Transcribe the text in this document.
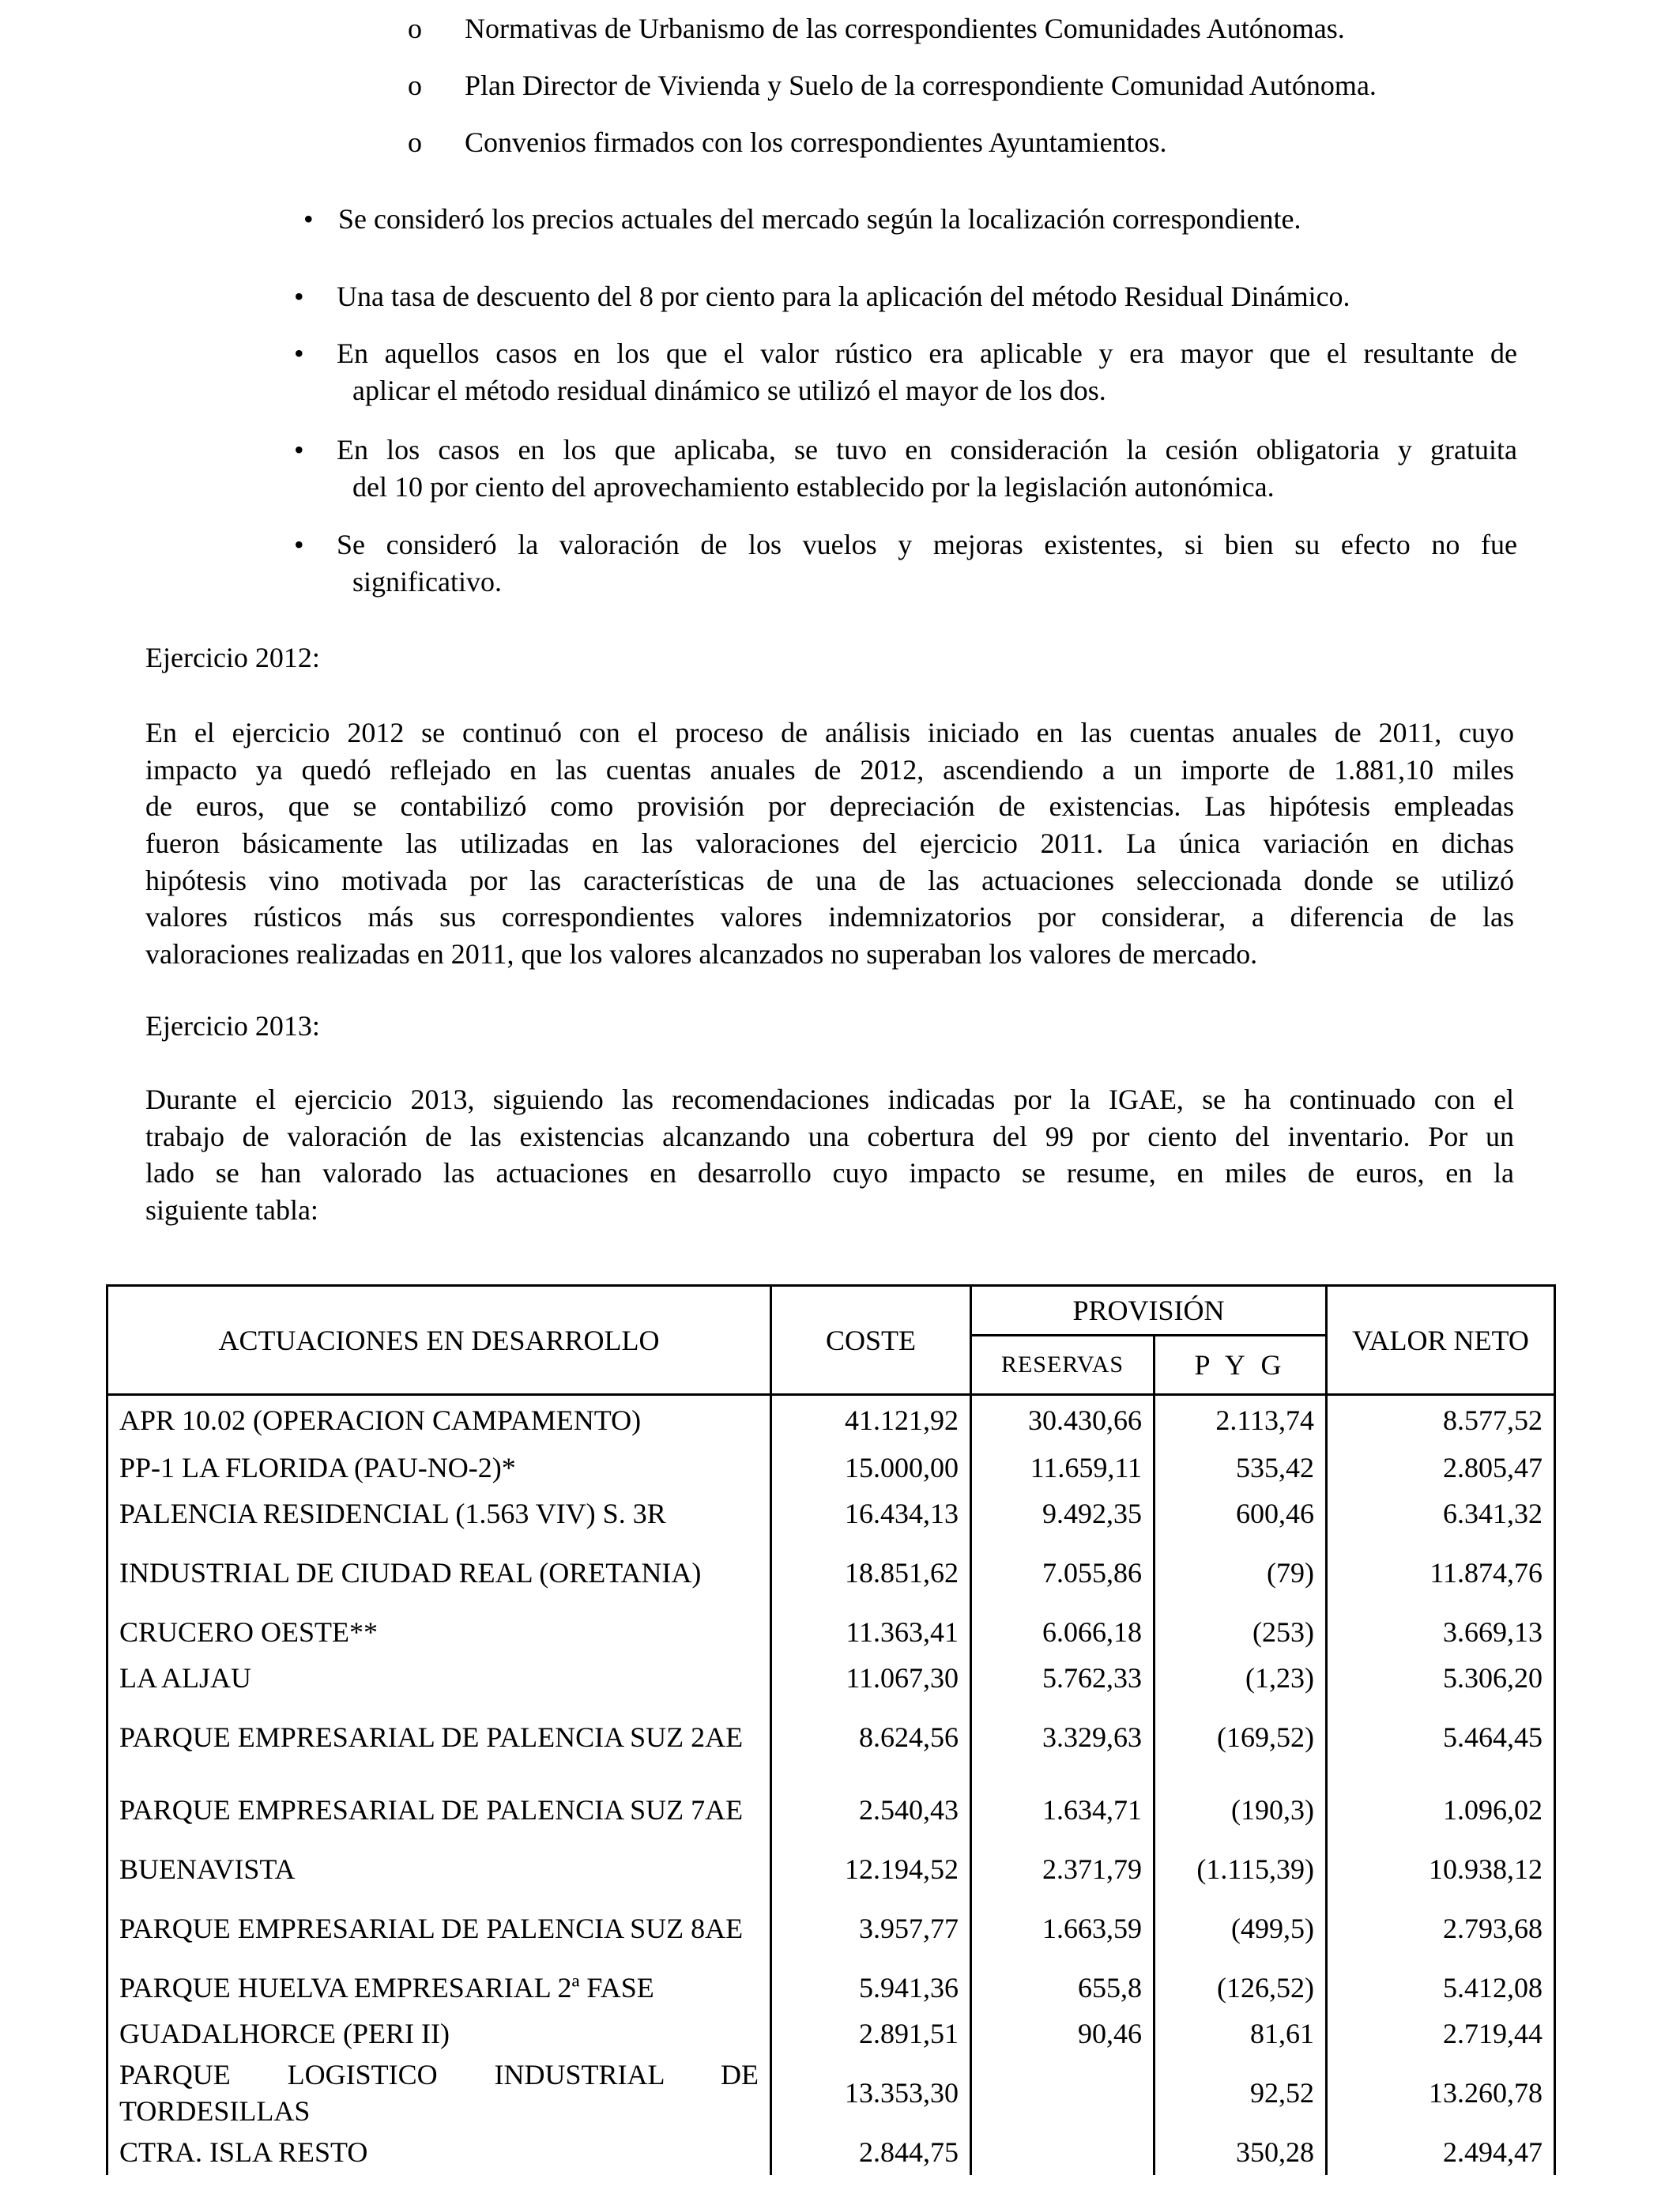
o Normativas de Urbanismo de las correspondientes Comunidades Autónomas.
o Plan Director de Vivienda y Suelo de la correspondiente Comunidad Autónoma.
o Convenios firmados con los correspondientes Ayuntamientos.
• Se consideró los precios actuales del mercado según la localización correspondiente.
•	Una tasa de descuento del 8 por ciento para la aplicación del método Residual Dinámico.
•	En aquellos casos en los que el valor rústico era aplicable y era mayor que el resultante de
aplicar el método residual dinámico se utilizó el mayor de los dos.
•	En los casos en los que aplicaba, se tuvo en consideración la cesión obligatoria y gratuita
del 10 por ciento del aprovechamiento establecido por la legislación autonómica.
•	Se consideró la valoración de los vuelos y mejoras existentes, si bien su efecto no fue
significativo.
Ejercicio 2012:
En el ejercicio 2012 se continuó con el proceso de análisis iniciado en las cuentas anuales de 2011, cuyo
impacto ya quedó reflejado en las cuentas anuales de 2012, ascendiendo a un importe de 1.881,10 miles
de euros, que se contabilizó como provisión por depreciación de existencias. Las hipótesis empleadas
fueron básicamente las utilizadas en las valoraciones del ejercicio 2011. La única variación en dichas
hipótesis vino motivada por las características de una de las actuaciones seleccionada donde se utilizó
valores rústicos más sus correspondientes valores indemnizatorios por considerar, a diferencia de las
valoraciones realizadas en 2011, que los valores alcanzados no superaban los valores de mercado.
Ejercicio 2013:
Durante el ejercicio 2013, siguiendo las recomendaciones indicadas por la IGAE, se ha continuado con el
trabajo de valoración de las existencias alcanzando una cobertura del 99 por ciento del inventario. Por un
lado se han valorado las actuaciones en desarrollo cuyo impacto se resume, en miles de euros, en la
siguiente tabla:
ACTUACIONES EN DESARROLLO	COSTE	PROVISIÓN		VALOR NETO
		RESERVAS	P Y G	
APR 10.02 (OPERACION CAMPAMENTO)	41.121,92	30.430,66	2.113,74	8.577,52
PP-1 LA FLORIDA (PAU-NO-2)*	15.000,00	11.659,11	535,42	2.805,47
PALENCIA RESIDENCIAL (1.563 VIV) S. 3R	16.434,13	9.492,35	600,46	6.341,32
INDUSTRIAL DE CIUDAD REAL (ORETANIA)	18.851,62	7.055,86	(79)	11.874,76
CRUCERO OESTE**	11.363,41	6.066,18	(253)	3.669,13
LA ALJAU	11.067,30	5.762,33	(1,23)	5.306,20
PARQUE EMPRESARIAL DE PALENCIA SUZ 2AE	8.624,56	3.329,63	(169,52)	5.464,45
PARQUE EMPRESARIAL DE PALENCIA SUZ 7AE	2.540,43	1.634,71	(190,3)	1.096,02
BUENAVISTA	12.194,52	2.371,79	(1.115,39)	10.938,12
PARQUE EMPRESARIAL DE PALENCIA SUZ 8AE	3.957,77	1.663,59	(499,5)	2.793,68
PARQUE HUELVA EMPRESARIAL 2ª FASE	5.941,36	655,8	(126,52)	5.412,08
GUADALHORCE (PERI II)	2.891,51	90,46	81,61	2.719,44
PARQUE LOGISTICO INDUSTRIAL DE TORDESILLAS	13.353,30		92,52	13.260,78
CTRA. ISLA RESTO	2.844,75		350,28	2.494,47
